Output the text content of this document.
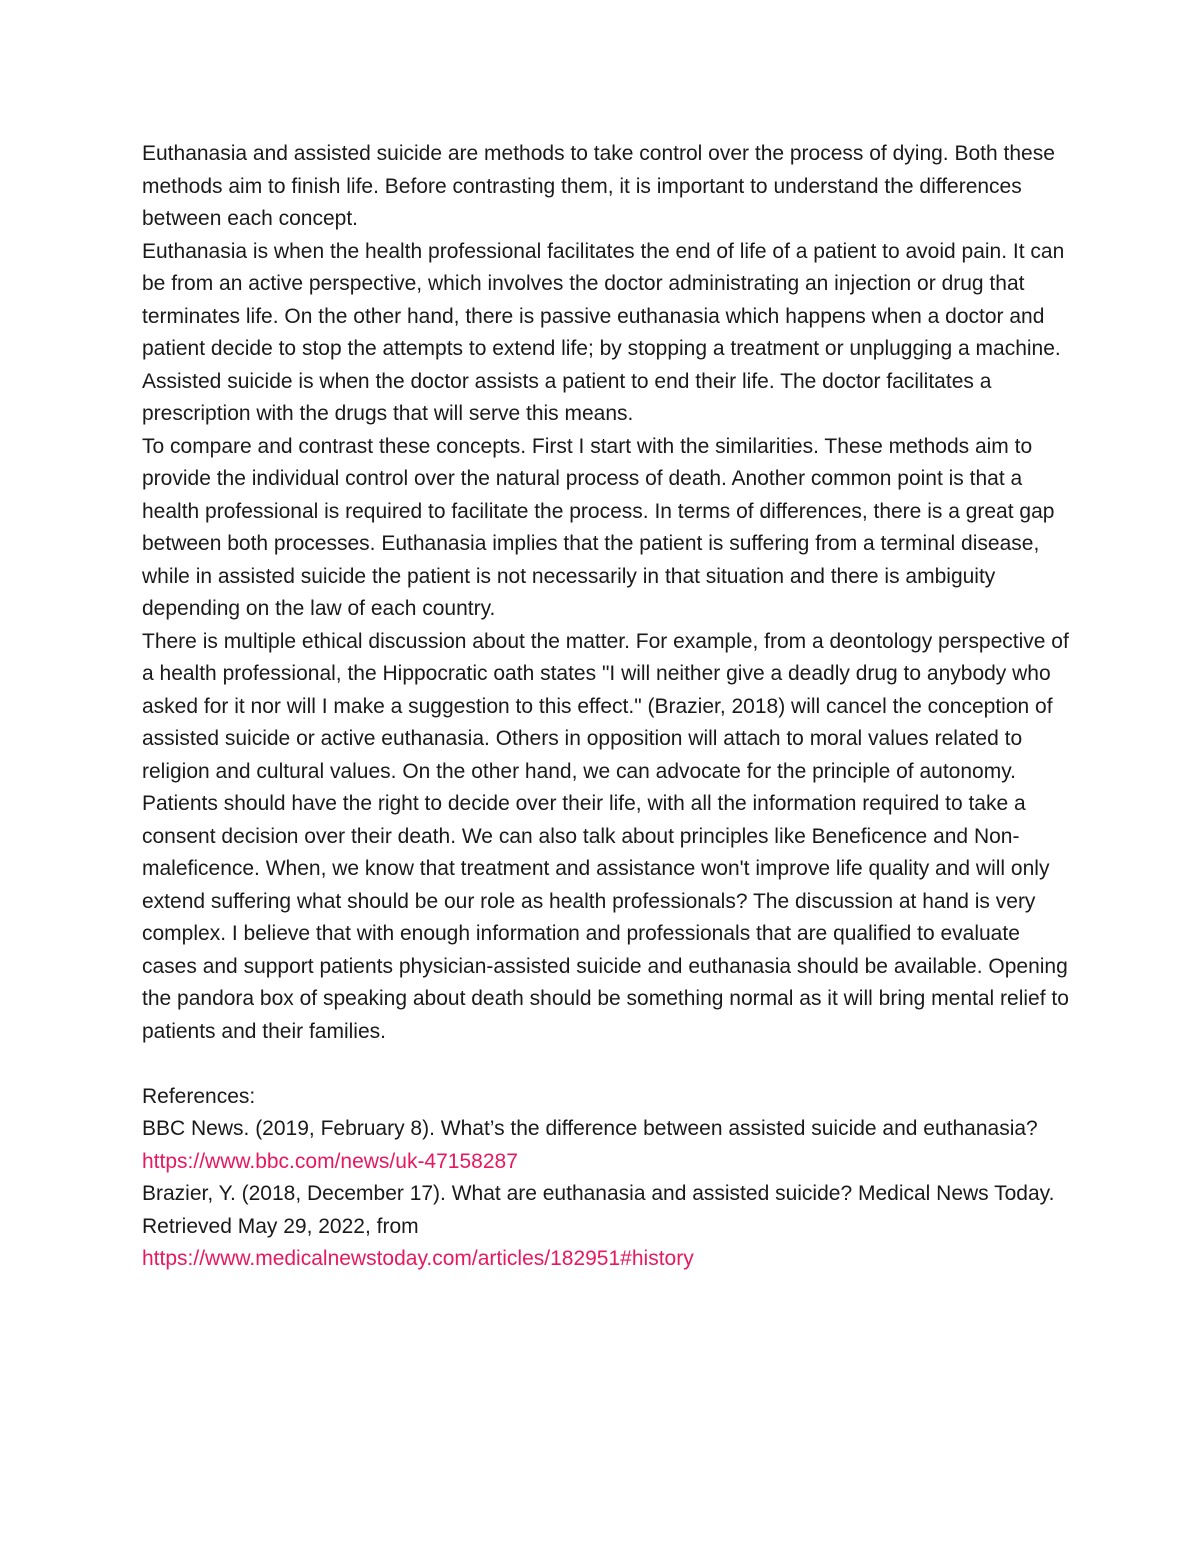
Euthanasia and assisted suicide are methods to take control over the process of dying. Both these methods aim to finish life. Before contrasting them, it is important to understand the differences between each concept.

Euthanasia is when the health professional facilitates the end of life of a patient to avoid pain. It can be from an active perspective, which involves the doctor administrating an injection or drug that terminates life. On the other hand, there is passive euthanasia which happens when a doctor and patient decide to stop the attempts to extend life; by stopping a treatment or unplugging a machine.

Assisted suicide is when the doctor assists a patient to end their life. The doctor facilitates a prescription with the drugs that will serve this means.

To compare and contrast these concepts. First I start with the similarities. These methods aim to provide the individual control over the natural process of death. Another common point is that a health professional is required to facilitate the process. In terms of differences, there is a great gap between both processes. Euthanasia implies that the patient is suffering from a terminal disease, while in assisted suicide the patient is not necessarily in that situation and there is ambiguity depending on the law of each country.

There is multiple ethical discussion about the matter. For example, from a deontology perspective of a health professional, the Hippocratic oath states "I will neither give a deadly drug to anybody who asked for it nor will I make a suggestion to this effect." (Brazier, 2018) will cancel the conception of assisted suicide or active euthanasia. Others in opposition will attach to moral values related to religion and cultural values. On the other hand, we can advocate for the principle of autonomy. Patients should have the right to decide over their life, with all the information required to take a consent decision over their death. We can also talk about principles like Beneficence and Non-maleficence. When, we know that treatment and assistance won't improve life quality and will only extend suffering what should be our role as health professionals? The discussion at hand is very complex. I believe that with enough information and professionals that are qualified to evaluate cases and support patients physician-assisted suicide and euthanasia should be available. Opening the pandora box of speaking about death should be something normal as it will bring mental relief to patients and their families.

References:

BBC News. (2019, February 8). What’s the difference between assisted suicide and euthanasia? https://www.bbc.com/news/uk-47158287

Brazier, Y. (2018, December 17). What are euthanasia and assisted suicide? Medical News Today. Retrieved May 29, 2022, from
https://www.medicalnewstoday.com/articles/182951#history
